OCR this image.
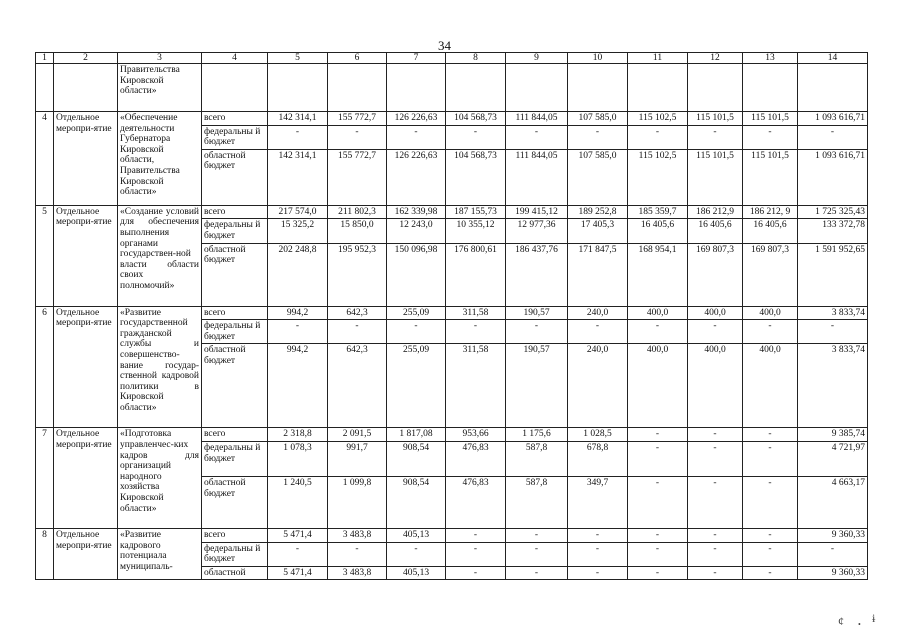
34
1	2	3	4	5	6	7	8	9	10	11	12	13	14
		Правительства Кировской области»											
4	Отдельное меропри-ятие	«Обеспечение деятельности Губернатора Кировской области, Правительства Кировской области»	всего	142 314,1	155 772,7	126 226,63	104 568,73	111 844,05	107 585,0	115 102,5	115 101,5	115 101,5	1 093 616,71
			федеральны й бюджет	-	-	-	-	-	-	-	-	-	-
			областной бюджет	142 314,1	155 772,7	126 226,63	104 568,73	111 844,05	107 585,0	115 102,5	115 101,5	115 101,5	1 093 616,71
5	Отдельное меропри-ятие	«Создание условий для обеспечения выполнения органами государствен-ной власти области своих полномочий»	всего	217 574,0	211 802,3	162 339,98	187 155,73	199 415,12	189 252,8	185 359,7	186 212,9	186 212, 9	1 725 325,43
			федеральны й бюджет	15 325,2	15 850,0	12 243,0	10 355,12	12 977,36	17 405,3	16 405,6	16 405,6	16 405,6	133 372,78
			областной бюджет	202 248,8	195 952,3	150 096,98	176 800,61	186 437,76	171 847,5	168 954,1	169 807,3	169 807,3	1 591 952,65
6	Отдельное меропри-ятие	«Развитие государственной гражданской службы и совершенство-вание государ-ственной кадровой политики в Кировской области»	всего	994,2	642,3	255,09	311,58	190,57	240,0	400,0	400,0	400,0	3 833,74
			федеральны й бюджет	-	-	-	-	-	-	-	-	-	-
			областной бюджет	994,2	642,3	255,09	311,58	190,57	240,0	400,0	400,0	400,0	3 833,74
7	Отдельное меропри-ятие	«Подготовка управленчес-ких кадров для организаций народного хозяйства Кировской области»	всего	2 318,8	2 091,5	1 817,08	953,66	1 175,6	1 028,5	-	-	-	9 385,74
			федеральны й бюджет	1 078,3	991,7	908,54	476,83	587,8	678,8	-	-	-	4 721,97
			областной бюджет	1 240,5	1 099,8	908,54	476,83	587,8	349,7	-	-	-	4 663,17
8	Отдельное меропри-ятие	«Развитие кадрового потенциала муниципаль-	всего	5 471,4	3 483,8	405,13	-	-	-	-	-	-	9 360,33
			федеральны й бюджет	-	-	-	-	-	-	-	-	-	-
			областной	5 471,4	3 483,8	405,13	-	-	-	-	-	-	9 360,33
ȼ • ɨ
